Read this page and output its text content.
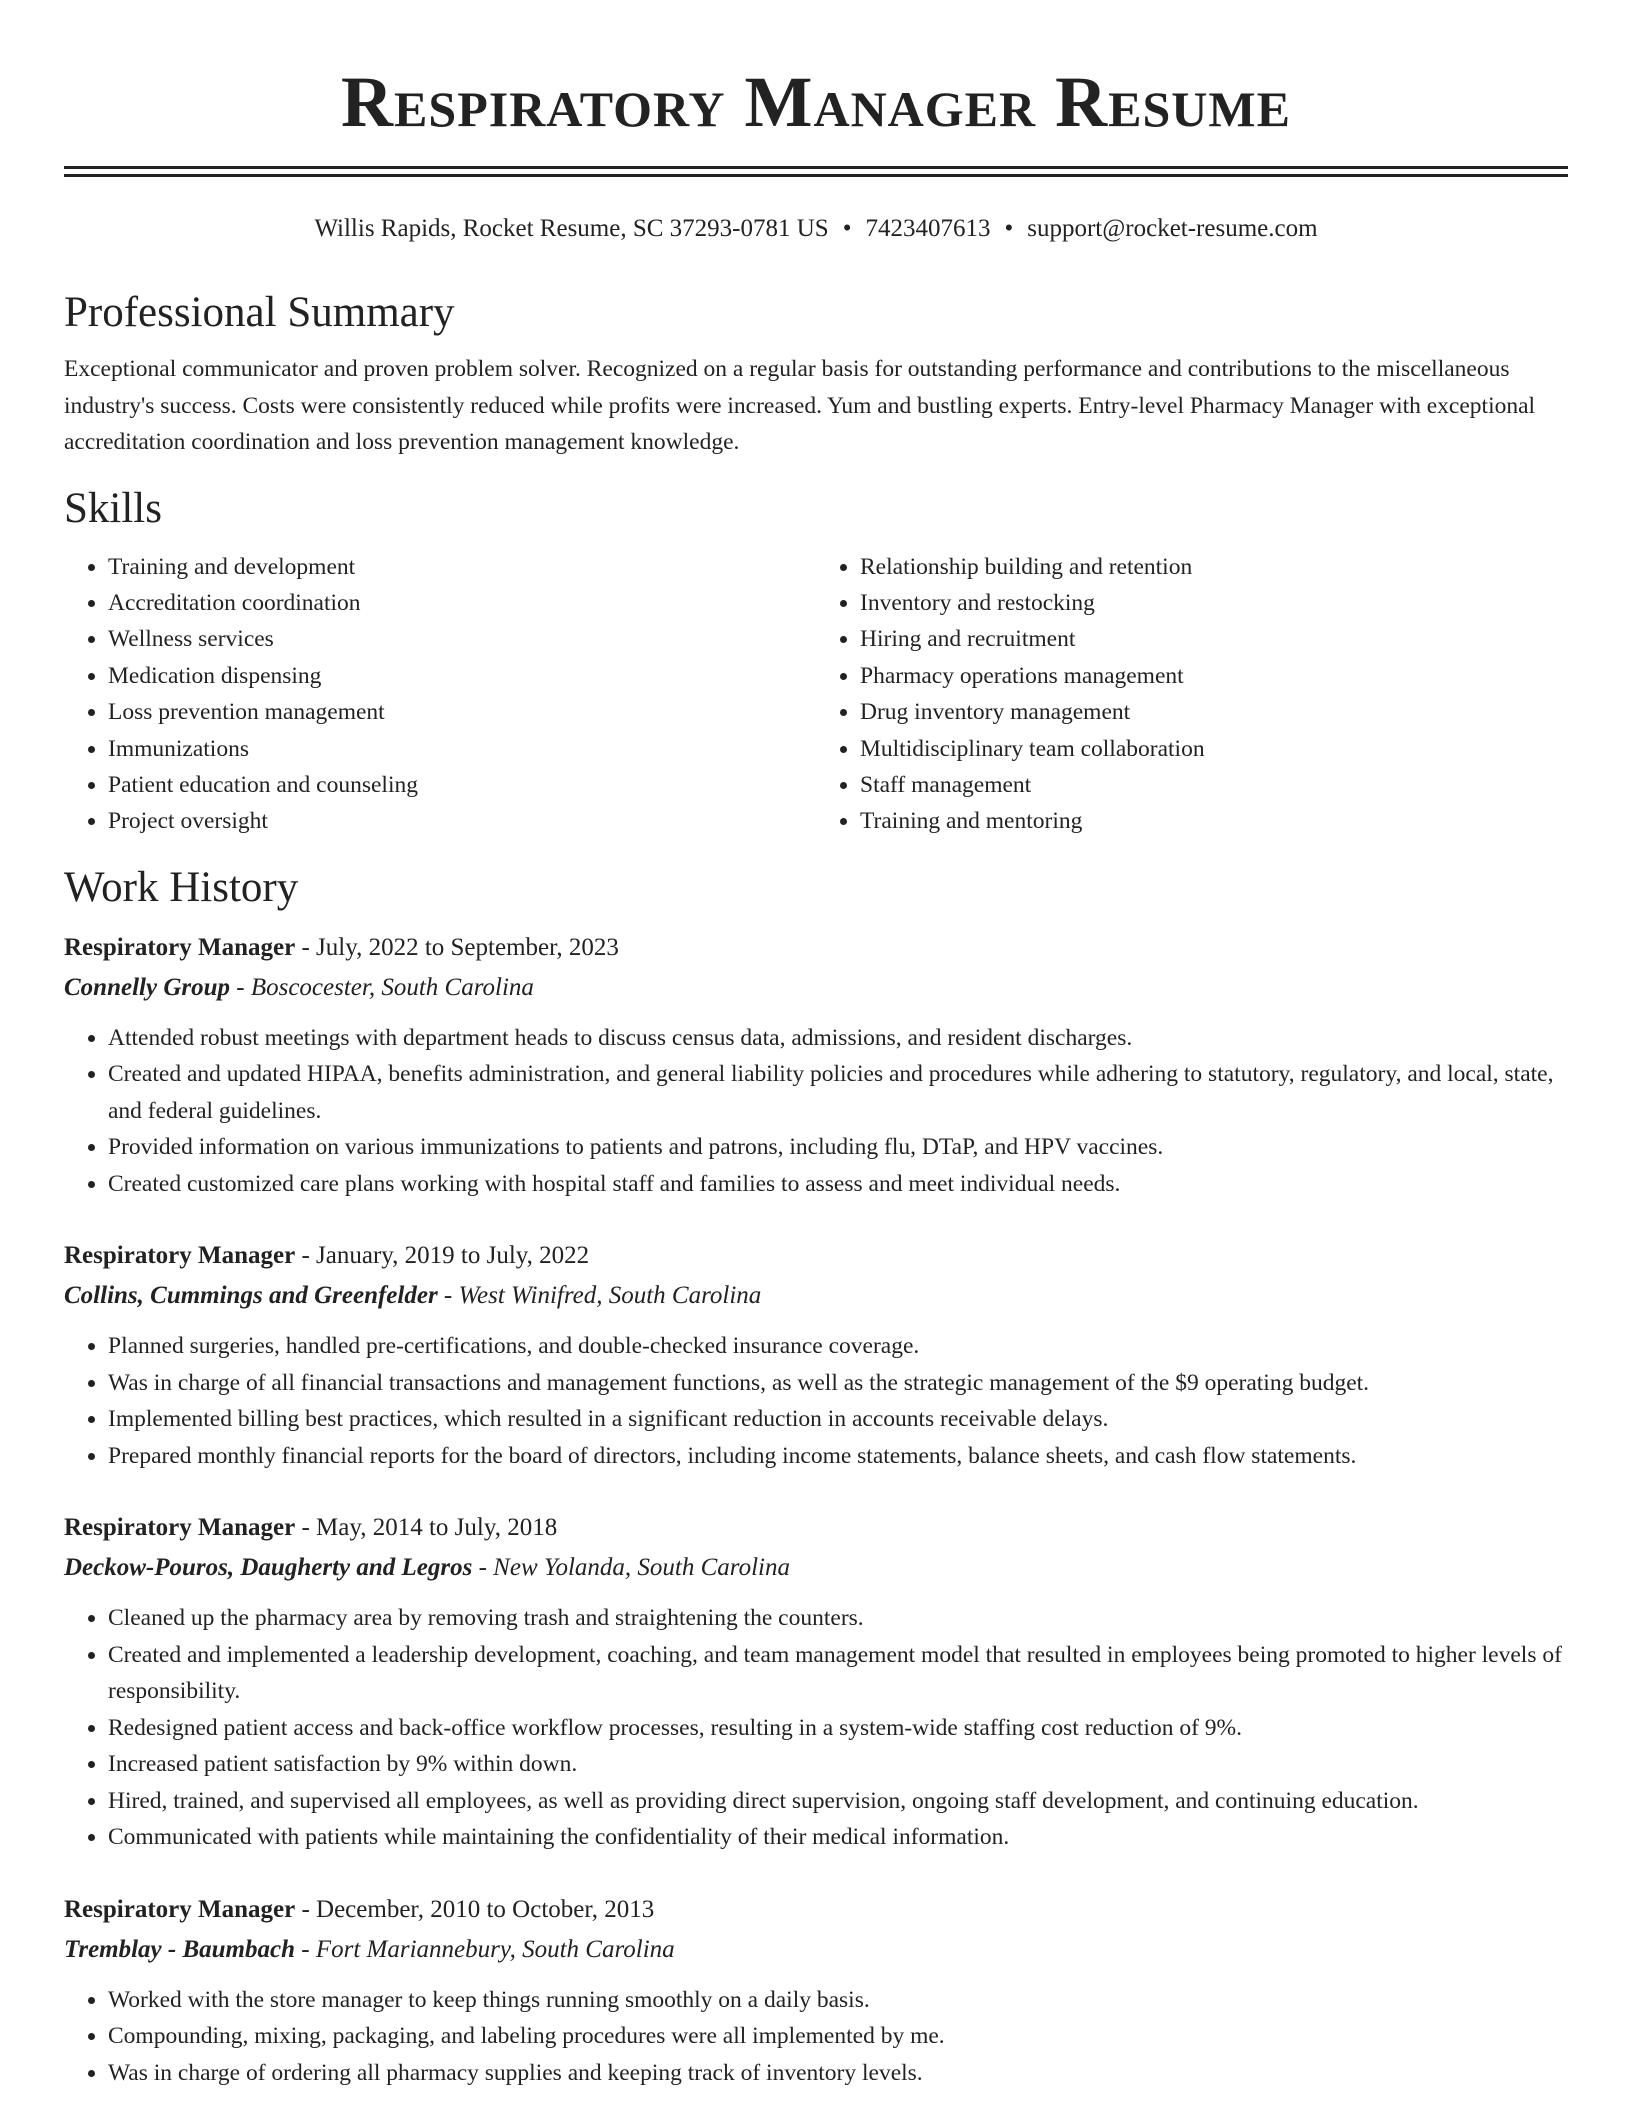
Respiratory Manager Resume
Willis Rapids, Rocket Resume, SC 37293-0781 US • 7423407613 • support@rocket-resume.com
Professional Summary

Exceptional communicator and proven problem solver. Recognized on a regular basis for outstanding performance and contributions to the miscellaneous industry's success. Costs were consistently reduced while profits were increased. Yum and bustling experts. Entry-level Pharmacy Manager with exceptional accreditation coordination and loss prevention management knowledge.

Skills
• Training and development
• Accreditation coordination
• Wellness services
• Medication dispensing
• Loss prevention management
• Immunizations
• Patient education and counseling
• Project oversight
• Relationship building and retention
• Inventory and restocking
• Hiring and recruitment
• Pharmacy operations management
• Drug inventory management
• Multidisciplinary team collaboration
• Staff management
• Training and mentoring
Work History
Respiratory Manager - July, 2022 to September, 2023
Connelly Group - Boscocester, South Carolina
• Attended robust meetings with department heads to discuss census data, admissions, and resident discharges.
• Created and updated HIPAA, benefits administration, and general liability policies and procedures while adhering to statutory, regulatory, and local, state, and federal guidelines.
• Provided information on various immunizations to patients and patrons, including flu, DTaP, and HPV vaccines.
• Created customized care plans working with hospital staff and families to assess and meet individual needs.
Respiratory Manager - January, 2019 to July, 2022
Collins, Cummings and Greenfelder - West Winifred, South Carolina
• Planned surgeries, handled pre-certifications, and double-checked insurance coverage.
• Was in charge of all financial transactions and management functions, as well as the strategic management of the $9 operating budget.
• Implemented billing best practices, which resulted in a significant reduction in accounts receivable delays.
• Prepared monthly financial reports for the board of directors, including income statements, balance sheets, and cash flow statements.
Respiratory Manager - May, 2014 to July, 2018
Deckow-Pouros, Daugherty and Legros - New Yolanda, South Carolina
• Cleaned up the pharmacy area by removing trash and straightening the counters.
• Created and implemented a leadership development, coaching, and team management model that resulted in employees being promoted to higher levels of responsibility.
• Redesigned patient access and back-office workflow processes, resulting in a system-wide staffing cost reduction of 9%.
• Increased patient satisfaction by 9% within down.
• Hired, trained, and supervised all employees, as well as providing direct supervision, ongoing staff development, and continuing education.
• Communicated with patients while maintaining the confidentiality of their medical information.
Respiratory Manager - December, 2010 to October, 2013
Tremblay - Baumbach - Fort Mariannebury, South Carolina
• Worked with the store manager to keep things running smoothly on a daily basis.
• Compounding, mixing, packaging, and labeling procedures were all implemented by me.
• Was in charge of ordering all pharmacy supplies and keeping track of inventory levels.
